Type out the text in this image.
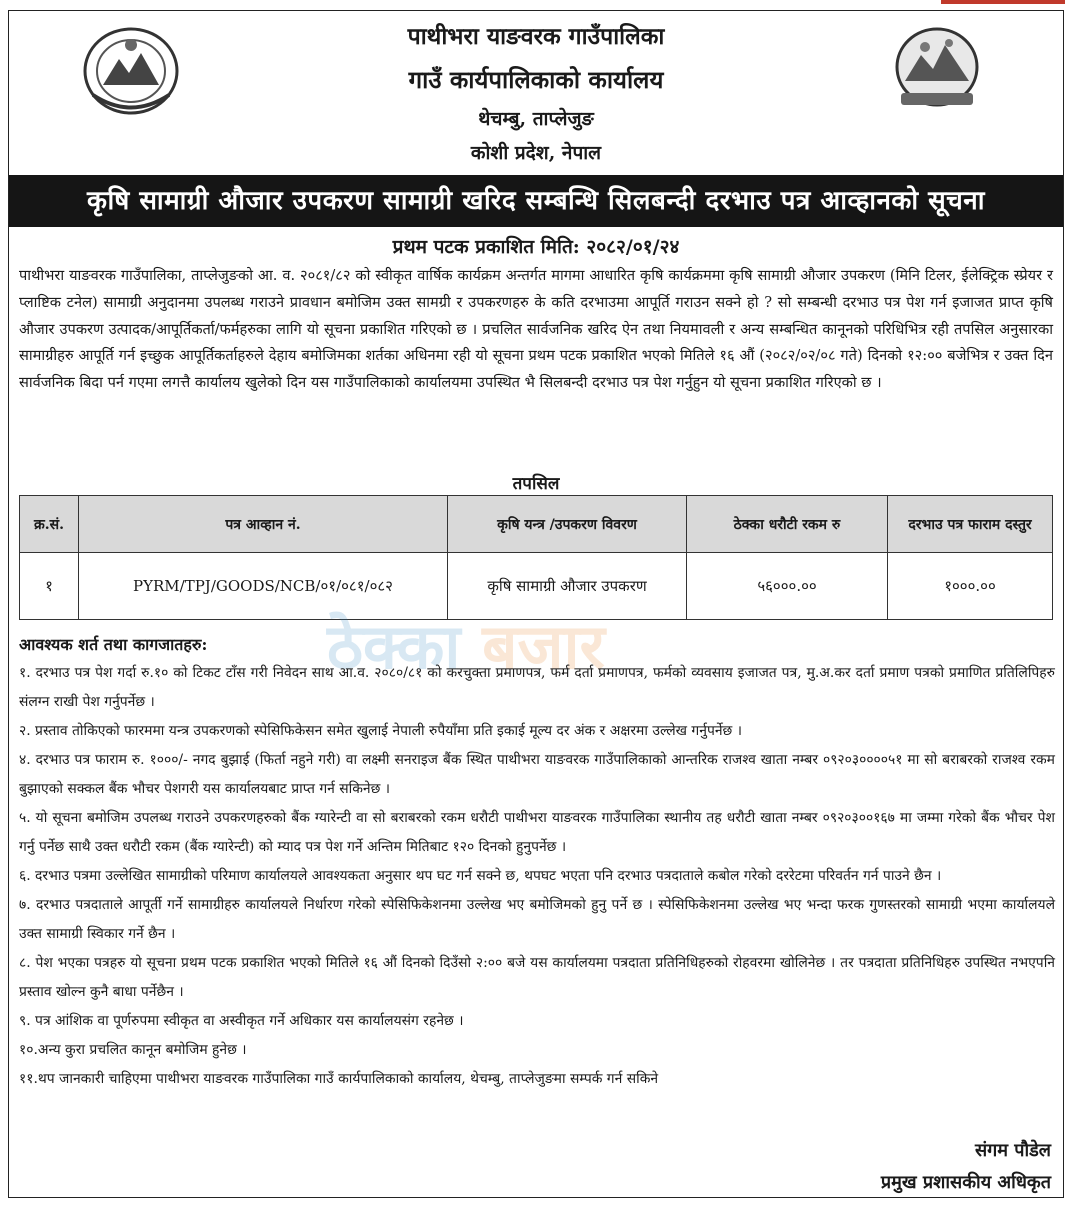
पाथीभरा याङवरक गाउँपालिका
गाउँ कार्यपालिकाको कार्यालय
थेचम्बु, ताप्लेजुङ
कोशी प्रदेश, नेपाल
कृषि सामाग्री औजार उपकरण सामाग्री खरिद सम्बन्धि सिलबन्दी दरभाउ पत्र आव्हानको सूचना
प्रथम पटक प्रकाशित मिति: २०८२/०१/२४
पाथीभरा याङवरक गाउँपालिका, ताप्लेजुङको आ. व. २०८१/८२ को स्वीकृत वार्षिक कार्यक्रम अन्तर्गत मागमा आधारित कृषि कार्यक्रममा कृषि सामाग्री औजार उपकरण (मिनि टिलर, ईलेक्ट्रिक स्प्रेयर र प्लाष्टिक टनेल) सामाग्री अनुदानमा उपलब्ध गराउने प्रावधान बमोजिम उक्त सामग्री र उपकरणहरु के कति दरभाउमा आपूर्ति गराउन सक्ने हो ? सो सम्बन्धी दरभाउ पत्र पेश गर्न इजाजत प्राप्त कृषि औजार उपकरण उत्पादक/आपूर्तिकर्ता/फर्महरुका लागि यो सूचना प्रकाशित गरिएको छ । प्रचलित सार्वजनिक खरिद ऐन तथा नियमावली र अन्य सम्बन्धित कानूनको परिधिभित्र रही तपसिल अनुसारका सामाग्रीहरु आपूर्ति गर्न इच्छुक आपूर्तिकर्ताहरुले देहाय बमोजिमका शर्तका अधिनमा रही यो सूचना प्रथम पटक प्रकाशित भएको मितिले १६ औं (२०८२/०२/०८ गते) दिनको १२:०० बजेभित्र र उक्त दिन सार्वजनिक बिदा पर्न गएमा लगत्तै कार्यालय खुलेको दिन यस गाउँपालिकाको कार्यालयमा उपस्थित भै सिलबन्दी दरभाउ पत्र पेश गर्नुहुन यो सूचना प्रकाशित गरिएको छ ।
तपसिल
क्र.सं.	पत्र आव्हान नं.	कृषि यन्त्र /उपकरण विवरण	ठेक्का धरौटी रकम रु	दरभाउ पत्र फाराम दस्तुर
१	PYRM/TPJ/GOODS/NCB/०१/०८१/०८२	कृषि सामाग्री औजार उपकरण	५६०००.००	१०००.००
ठेक्का बजार
आवश्यक शर्त तथा कागजातहरु:

१. दरभाउ पत्र पेश गर्दा रु.१० को टिकट टाँस गरी निवेदन साथ आ.व. २०८०/८१ को करचुक्ता प्रमाणपत्र, फर्म दर्ता प्रमाणपत्र, फर्मको व्यवसाय इजाजत पत्र, मु.अ.कर दर्ता प्रमाण पत्रको प्रमाणित प्रतिलिपिहरु संलग्न राखी पेश गर्नुपर्नेछ ।

२. प्रस्ताव तोकिएको फारममा यन्त्र उपकरणको स्पेसिफिकेसन समेत खुलाई नेपाली रुपैयाँमा प्रति इकाई मूल्य दर अंक र अक्षरमा उल्लेख गर्नुपर्नेछ ।

४. दरभाउ पत्र फाराम रु. १०००/- नगद बुझाई (फिर्ता नहुने गरी) वा लक्ष्मी सनराइज बैंक स्थित पाथीभरा याङवरक गाउँपालिकाको आन्तरिक राजश्व खाता नम्बर ०९२०३००००५१ मा सो बराबरको राजश्व रकम बुझाएको सक्कल बैंक भौचर पेशगरी यस कार्यालयबाट प्राप्त गर्न सकिनेछ ।

५. यो सूचना बमोजिम उपलब्ध गराउने उपकरणहरुको बैंक ग्यारेन्टी वा सो बराबरको रकम धरौटी पाथीभरा याङवरक गाउँपालिका स्थानीय तह धरौटी खाता नम्बर ०९२०३००१६७ मा जम्मा गरेको बैंक भौचर पेश गर्नु पर्नेछ साथै उक्त धरौटी रकम (बैंक ग्यारेन्टी) को म्याद पत्र पेश गर्ने अन्तिम मितिबाट १२० दिनको हुनुपर्नेछ ।

६. दरभाउ पत्रमा उल्लेखित सामाग्रीको परिमाण कार्यालयले आवश्यकता अनुसार थप घट गर्न सक्ने छ, थपघट भएता पनि दरभाउ पत्रदाताले कबोल गरेको दररेटमा परिवर्तन गर्न पाउने छैन ।

७. दरभाउ पत्रदाताले आपूर्ती गर्ने सामाग्रीहरु कार्यालयले निर्धारण गरेको स्पेसिफिकेशनमा उल्लेख भए बमोजिमको हुनु पर्ने छ । स्पेसिफिकेशनमा उल्लेख भए भन्दा फरक गुणस्तरको सामाग्री भएमा कार्यालयले उक्त सामाग्री स्विकार गर्ने छैन ।

८. पेश भएका पत्रहरु यो सूचना प्रथम पटक प्रकाशित भएको मितिले १६ औं दिनको दिउँसो २:०० बजे यस कार्यालयमा पत्रदाता प्रतिनिधिहरुको रोहवरमा खोलिनेछ । तर पत्रदाता प्रतिनिधिहरु उपस्थित नभएपनि प्रस्ताव खोल्न कुनै बाधा पर्नेछैन ।

९. पत्र आंशिक वा पूर्णरुपमा स्वीकृत वा अस्वीकृत गर्ने अधिकार यस कार्यालयसंग रहनेछ ।

१०.अन्य कुरा प्रचलित कानून बमोजिम हुनेछ ।

११.थप जानकारी चाहिएमा पाथीभरा याङवरक गाउँपालिका गाउँ कार्यपालिकाको कार्यालय, थेचम्बु, ताप्लेजुङमा सम्पर्क गर्न सकिने

संगम पौडेल
प्रमुख प्रशासकीय अधिकृत
